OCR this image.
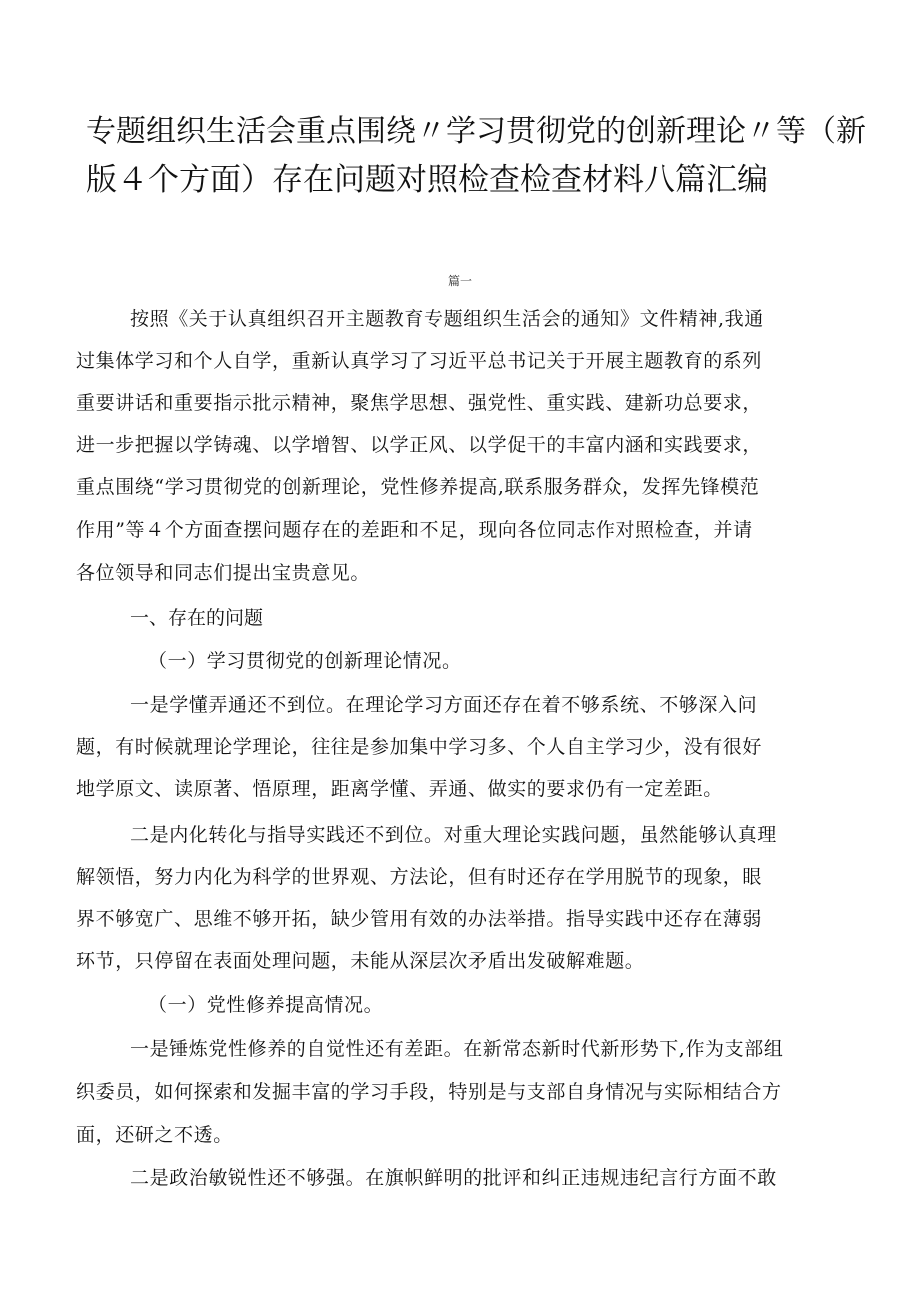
专题组织生活会重点围绕〃学习贯彻党的创新理论〃等（新
版４个方面）存在问题对照检查检查材料八篇汇编
篇一
按照《关于认真组织召开主题教育专题组织生活会的通知》文件精神,我通
过集体学习和个人自学，重新认真学习了习近平总书记关于开展主题教育的系列
重要讲话和重要指示批示精神，聚焦学思想、强党性、重实践、建新功总要求，
进一步把握以学铸魂、以学增智、以学正风、以学促干的丰富内涵和实践要求，
重点围绕“学习贯彻党的创新理论，党性修养提高,联系服务群众，发挥先锋模范
作用”等４个方面查摆问题存在的差距和不足，现向各位同志作对照检查，并请
各位领导和同志们提出宝贵意见。
一、存在的问题
（一）学习贯彻党的创新理论情况。
一是学懂弄通还不到位。在理论学习方面还存在着不够系统、不够深入问
题，有时候就理论学理论，往往是参加集中学习多、个人自主学习少，没有很好
地学原文、读原著、悟原理，距离学懂、弄通、做实的要求仍有一定差距。
二是内化转化与指导实践还不到位。对重大理论实践问题，虽然能够认真理
解领悟，努力内化为科学的世界观、方法论，但有时还存在学用脱节的现象，眼
界不够宽广、思维不够开拓，缺少管用有效的办法举措。指导实践中还存在薄弱
环节，只停留在表面处理问题，未能从深层次矛盾出发破解难题。
（一）党性修养提高情况。
一是锤炼党性修养的自觉性还有差距。在新常态新时代新形势下,作为支部组
织委员，如何探索和发掘丰富的学习手段，特别是与支部自身情况与实际相结合方
面，还研之不透。
二是政治敏锐性还不够强。在旗帜鲜明的批评和纠正违规违纪言行方面不敢
